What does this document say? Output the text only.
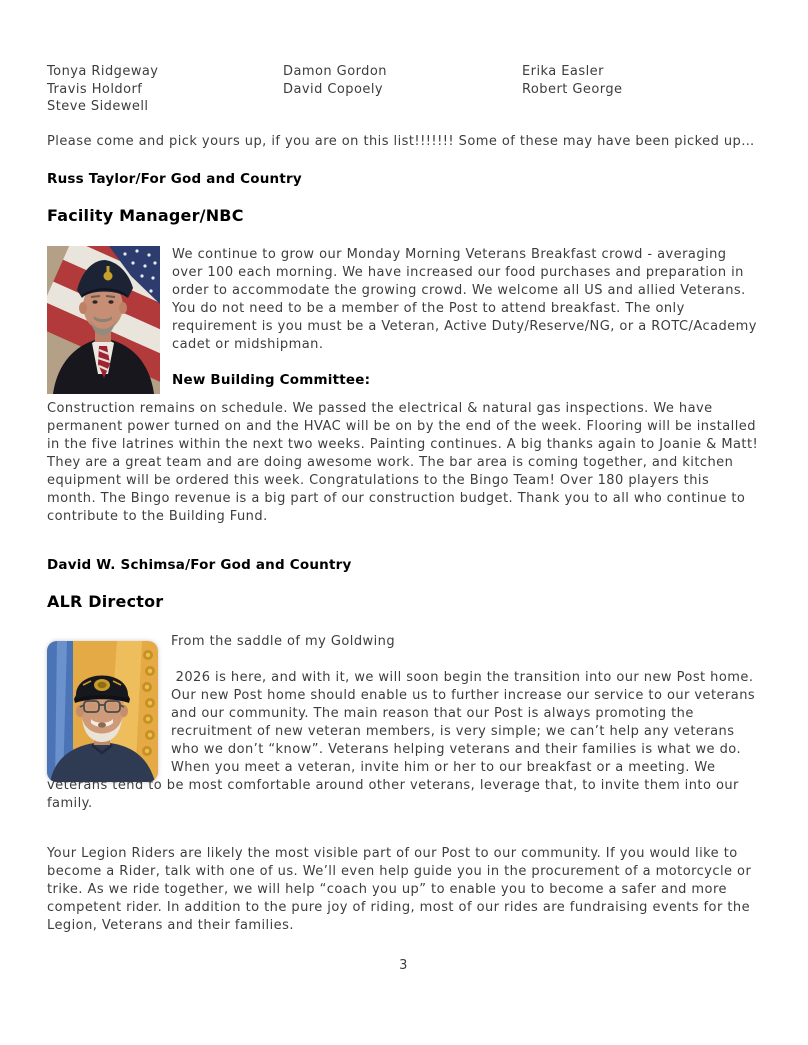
Tonya Ridgeway
Travis Holdorf
Steve Sidewell
Damon Gordon
David Copoely
Erika Easler
Robert George

Please come and pick yours up, if you are on this list!!!!!!! Some of these may have been picked up…

Russ Taylor/For God and Country
Facility Manager/NBC

We continue to grow our Monday Morning Veterans Breakfast crowd - averaging over 100 each morning. We have increased our food purchases and preparation in order to accommodate the growing crowd. We welcome all US and allied Veterans. You do not need to be a member of the Post to attend breakfast. The only requirement is you must be a Veteran, Active Duty/Reserve/NG, or a ROTC/Academy cadet or midshipman.

New Building Committee:

Construction remains on schedule. We passed the electrical & natural gas inspections. We have permanent power turned on and the HVAC will be on by the end of the week. Flooring will be installed in the five latrines within the next two weeks. Painting continues. A big thanks again to Joanie & Matt! They are a great team and are doing awesome work. The bar area is coming together, and kitchen equipment will be ordered this week. Congratulations to the Bingo Team! Over 180 players this month. The Bingo revenue is a big part of our construction budget. Thank you to all who continue to contribute to the Building Fund.

David W. Schimsa/For God and Country
ALR Director

From the saddle of my Goldwing

2026 is here, and with it, we will soon begin the transition into our new Post home. Our new Post home should enable us to further increase our service to our veterans and our community. The main reason that our Post is always promoting the recruitment of new veteran members, is very simple; we can’t help any veterans who we don’t “know”. Veterans helping veterans and their families is what we do. When you meet a veteran, invite him or her to our breakfast or a meeting. We veterans tend to be most comfortable around other veterans, leverage that, to invite them into our family.

Your Legion Riders are likely the most visible part of our Post to our community. If you would like to become a Rider, talk with one of us. We’ll even help guide you in the procurement of a motorcycle or trike. As we ride together, we will help “coach you up” to enable you to become a safer and more competent rider. In addition to the pure joy of riding, most of our rides are fundraising events for the Legion, Veterans and their families.

3
